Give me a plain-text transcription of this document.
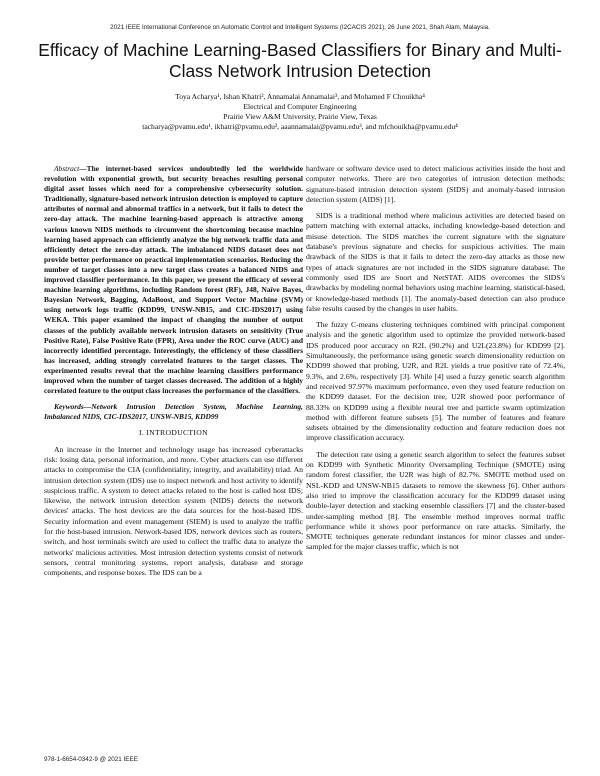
2021 IEEE International Conference on Automatic Control and Intelligent Systems (I2CACIS 2021), 26 June 2021, Shah Alam, Malaysia.
Efficacy of Machine Learning-Based Classifiers for Binary and Multi-Class Network Intrusion Detection
Toya Acharya¹, Ishan Khatri², Annamalai Annamalai³, and Mohamed F Chouikha⁴
Electrical and Computer Engineering
Prairie View A&M University, Prairie View, Texas
tacharya@pvamu.edu¹, ikhatri@pvamu.edu², aaannamalai@pvamu.edu³, and mfchouikha@pvamu.edu⁴

Abstract—The internet-based services undoubtedly led the worldwide revolution with exponential growth, but security breaches resulting personal digital asset losses which need for a comprehensive cybersecurity solution. Traditionally, signature-based network intrusion detection is employed to capture attributes of normal and abnormal traffics in a network, but it fails to detect the zero-day attack. The machine learning-based approach is attractive among various known NIDS methods to circumvent the shortcoming because machine learning based approach can efficiently analyze the big network traffic data and efficiently detect the zero-day attack. The imbalanced NIDS dataset does not provide better performance on practical implementation scenarios. Reducing the number of target classes into a new target class creates a balanced NIDS and improved classifier performance. In this paper, we present the efficacy of several machine learning algorithms, including Random forest (RF), J48, Naïve Bayes, Bayesian Network, Bagging, AdaBoost, and Support Vector Machine (SVM) using network logs traffic (KDD99, UNSW-NB15, and CIC-IDS2017) using WEKA. This paper examined the impact of changing the number of output classes of the publicly available network intrusion datasets on sensitivity (True Positive Rate), False Positive Rate (FPR), Area under the ROC curve (AUC) and incorrectly identified percentage. Interestingly, the efficiency of these classifiers has increased, adding strongly correlated features to the target classes. The experimented results reveal that the machine learning classifiers performance improved when the number of target classes decreased. The addition of a highly correlated feature to the output class increases the performance of the classifiers.

Keywords—Network Intrusion Detection System, Machine Learning, Imbalanced NIDS, CIC-IDS2017, UNSW-NB15, KDD99

I. INTRODUCTION

An increase in the Internet and technology usage has increased cyberattacks risk: losing data, personal information, and more. Cyber attackers can use different attacks to compromise the CIA (confidentiality, integrity, and availability) triad. An intrusion detection system (IDS) use to inspect network and host activity to identify suspicious traffic. A system to detect attacks related to the host is called host IDS; likewise, the network intrusion detection system (NIDS) detects the network devices' attacks. The host devices are the data sources for the host-based IDS. Security information and event management (SIEM) is used to analyze the traffic for the host-based intrusion. Network-based IDS, network devices such as routers, switch, and host terminals switch are used to collect the traffic data to analyze the networks' malicious activities. Most intrusion detection systems consist of network sensors, central monitoring systems, report analysis, database and storage components, and response boxes. The IDS can be a

hardware or software device used to detect malicious activities inside the host and computer networks. There are two categories of intrusion detection methods: signature-based intrusion detection system (SIDS) and anomaly-based intrusion detection system (AIDS) [1].

SIDS is a traditional method where malicious activities are detected based on pattern matching with external attacks, including knowledge-based detection and misuse detection. The SIDS matches the current signature with the signature database's previous signature and checks for suspicious activities. The main drawback of the SIDS is that it fails to detect the zero-day attacks as those new types of attack signatures are not included in the SIDS signature database. The commonly used IDS are Snort and NetSTAT. AIDS overcomes the SIDS's drawbacks by modeling normal behaviors using machine learning, statistical-based, or knowledge-based methods [1]. The anomaly-based detection can also produce false results caused by the changes in user habits.

The fuzzy C-means clustering techniques combined with principal component analysis and the genetic algorithm used to optimize the provided network-based IDS produced poor accuracy on R2L (90.2%) and U2L(23.8%) for KDD99 [2]. Simultaneously, the performance using genetic search dimensionality reduction on KDD99 showed that probing, U2R, and R2L yields a true positive rate of 72.4%, 9.3%, and 2.6%, respectively [3]. While [4] used a fuzzy genetic search algorithm and received 97.97% maximum performance, even they used feature reduction on the KDD99 dataset. For the decision tree, U2R showed poor performance of 88.33% on KDD99 using a flexible neural tree and particle swarm optimization method with different feature subsets [5]. The number of features and feature subsets obtained by the dimensionality reduction and feature reduction does not improve classification accuracy.

The detection rate using a genetic search algorithm to select the features subset on KDD99 with Synthetic Minority Oversampling Technique (SMOTE) using random forest classifier, the U2R was high of 82.7%. SMOTE method used on NSL-KDD and UNSW-NB15 datasets to remove the skewness [6]. Other authors also tried to improve the classification accuracy for the KDD99 dataset using double-layer detection and stacking ensemble classifiers [7] and the cluster-based under-sampling method [8]. The ensemble method improves normal traffic performance while it shows poor performance on rare attacks. Similarly, the SMOTE techniques generate redundant instances for minor classes and under-sampled for the major classes traffic, which is not

978-1-6654-0342-9 @ 2021 IEEE
